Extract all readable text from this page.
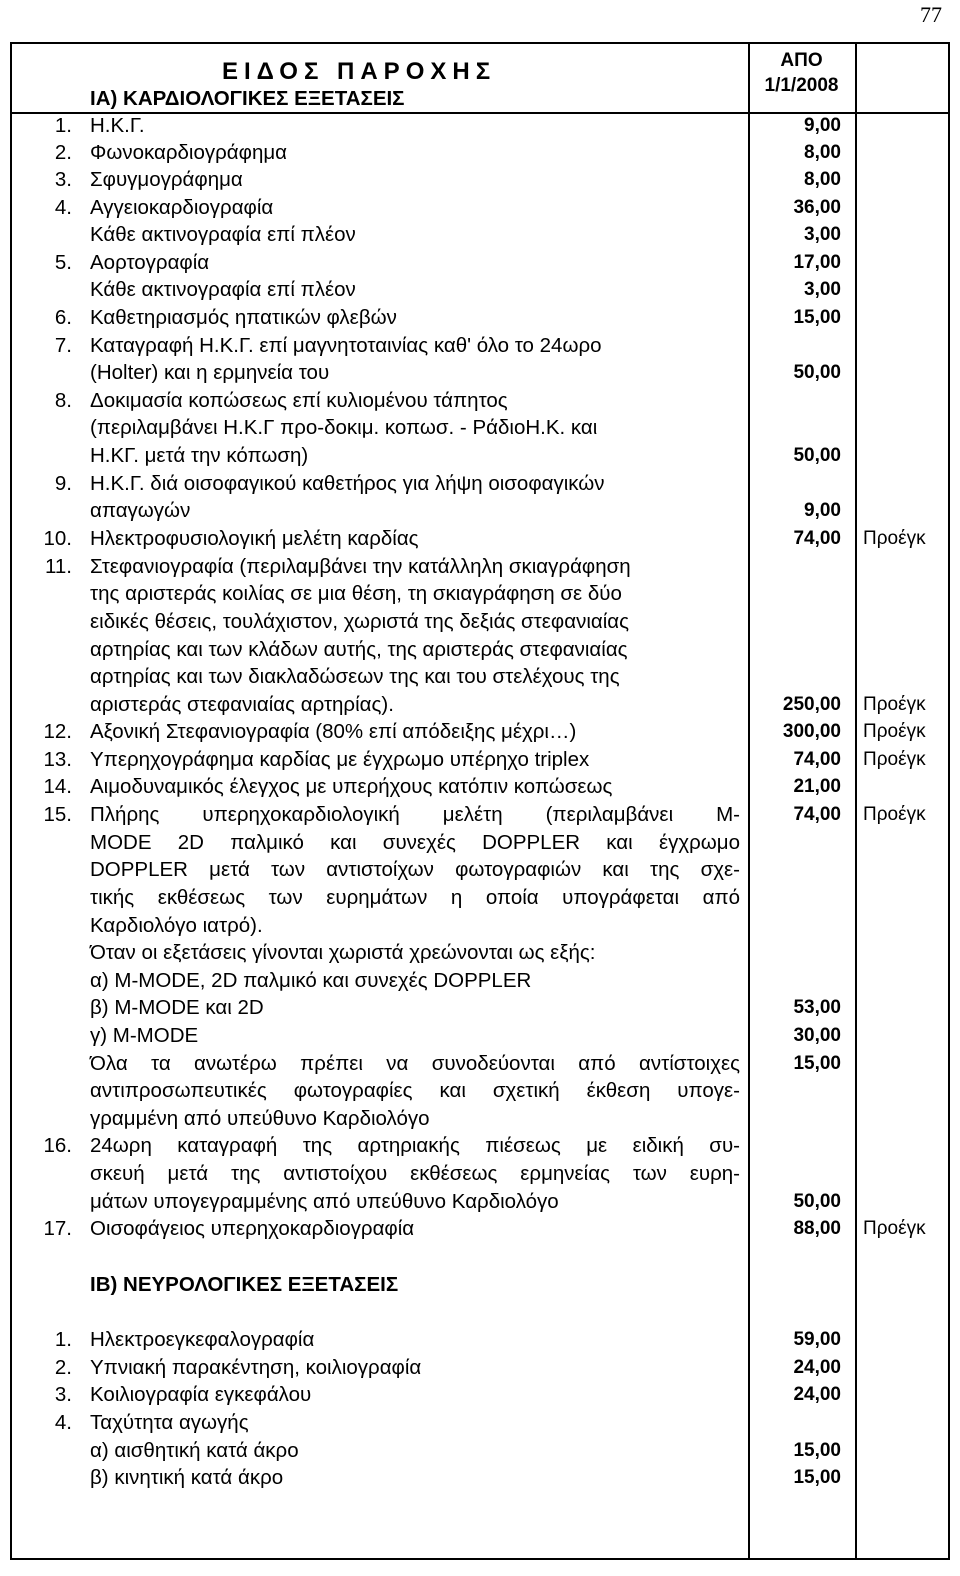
77
ΕΙΔΟΣ ΠΑΡΟΧΗΣ	ΑΠΟ
1/1/2008
ΙΑ) ΚΑΡΔΙΟΛΟΓΙΚΕΣ ΕΞΕΤΑΣΕΙΣ
1. Η.Κ.Γ.	9,00
2. Φωνοκαρδιογράφημα	8,00
3. Σφυγμογράφημα	8,00
4. Αγγειοκαρδιογραφία	36,00
Κάθε ακτινογραφία επί πλέον	3,00
5. Αορτογραφία	17,00
Κάθε ακτινογραφία επί πλέον	3,00
6. Καθετηριασμός ηπατικών φλεβών	15,00
7. Καταγραφή Η.Κ.Γ. επί μαγνητοταινίας καθ' όλο το 24ωρο
(Holter) και η ερμηνεία του	50,00
8. Δοκιμασία κοπώσεως επί κυλιομένου τάπητος
(περιλαμβάνει Η.Κ.Γ προ-δοκιμ. κοπωσ. - ΡάδιοΗ.Κ. και
Η.ΚΓ. μετά την κόπωση)	50,00
9. Η.Κ.Γ. διά οισοφαγικού καθετήρος για λήψη οισοφαγικών
απαγωγών	9,00
10. Ηλεκτροφυσιολογική μελέτη καρδίας	74,00 Προέγκ
11. Στεφανιογραφία (περιλαμβάνει την κατάλληλη σκιαγράφηση
της αριστεράς κοιλίας σε μια θέση, τη σκιαγράφηση σε δύο
ειδικές θέσεις, τουλάχιστον, χωριστά της δεξιάς στεφανιαίας
αρτηρίας και των κλάδων αυτής, της αριστεράς στεφανιαίας
αρτηρίας και των διακλαδώσεων της και του στελέχους της
αριστεράς στεφανιαίας αρτηρίας).	250,00 Προέγκ
12. Αξονική Στεφανιογραφία (80% επί απόδειξης μέχρι…)	300,00 Προέγκ
13. Υπερηχογράφημα καρδίας με έγχρωμο υπέρηχο triplex	74,00 Προέγκ
14. Αιμοδυναμικός έλεγχος με υπερήχους κατόπιν κοπώσεως	21,00
15. Πλήρης υπερηχοκαρδιολογική μελέτη (περιλαμβάνει Μ-	74,00 Προέγκ
MODE 2D παλμικό και συνεχές DOPPLER και έγχρωμο
DOPPLER μετά των αντιστοίχων φωτογραφιών και της σχε-
τικής εκθέσεως των ευρημάτων η οποία υπογράφεται από
Καρδιολόγο ιατρό).
Όταν οι εξετάσεις γίνονται χωριστά χρεώνονται ως εξής:
α) M-MODE, 2D παλμικό και συνεχές DOPPLER
β) M-MODE και 2D	53,00
γ) M-MODE	30,00
Όλα τα ανωτέρω πρέπει να συνοδεύονται από αντίστοιχες	15,00
αντιπροσωπευτικές φωτογραφίες και σχετική έκθεση υπογε-
γραμμένη από υπεύθυνο Καρδιολόγο
16. 24ωρη καταγραφή της αρτηριακής πιέσεως με ειδική συ-
σκευή μετά της αντιστοίχου εκθέσεως ερμηνείας των ευρη-
μάτων υπογεγραμμένης από υπεύθυνο Καρδιολόγο	50,00
17. Οισοφάγειος υπερηχοκαρδιογραφία	88,00 Προέγκ
ΙΒ) ΝΕΥΡΟΛΟΓΙΚΕΣ ΕΞΕΤΑΣΕΙΣ
1. Ηλεκτροεγκεφαλογραφία	59,00
2. Υπνιακή παρακέντηση, κοιλιογραφία	24,00
3. Κοιλιογραφία εγκεφάλου	24,00
4. Ταχύτητα αγωγής
α) αισθητική κατά άκρο	15,00
β) κινητική κατά άκρο	15,00
